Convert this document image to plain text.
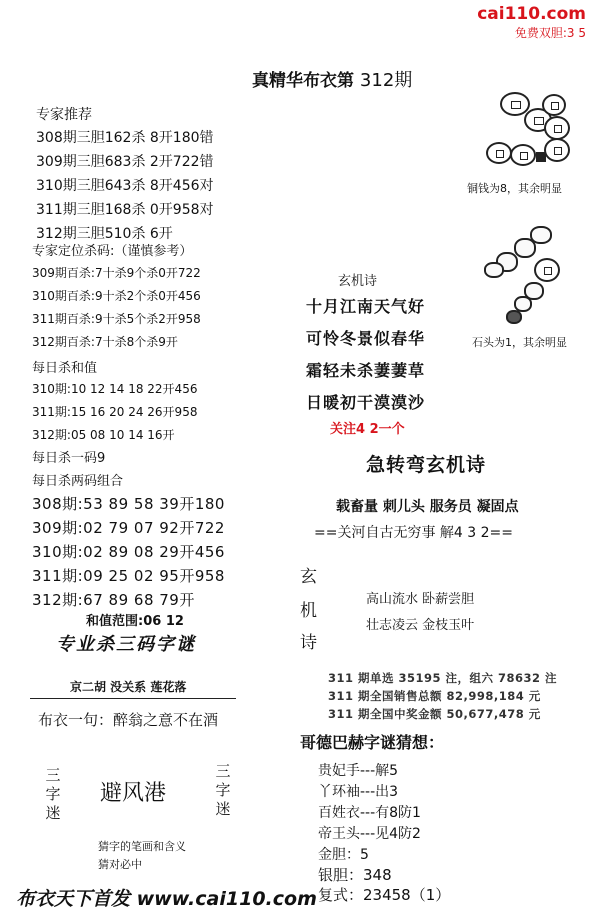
cai110.com
免费双胆:3 5
真精华布衣第 312期
专家推荐
308期三胆162杀 8开180错
309期三胆683杀 2开722错
310期三胆643杀 8开456对
311期三胆168杀 0开958对
312期三胆510杀 6开
专家定位杀码:（谨慎参考）
309期百杀:7十杀9个杀0开722
310期百杀:9十杀2个杀0开456
311期百杀:9十杀5个杀2开958
312期百杀:7十杀8个杀9开
每日杀和值
310期:10 12 14 18 22开456
311期:15 16 20 24 26开958
312期:05 08 10 14 16开
每日杀一码9
每日杀两码组合
308期:53 89 58 39开180
309期:02 79 07 92开722
310期:02 89 08 29开456
311期:09 25 02 95开958
312期:67 89 68 79开
和值范围:06 12
专业杀三码字谜
京二胡 没关系 莲花落
布衣一句：醉翁之意不在酒
三字迷
避风港
三字迷
猜字的笔画和含义
猜对必中
铜钱为8，其余明显
石头为1，其余明显
玄机诗
十月江南天气好
可怜冬景似春华
霜轻未杀萋萋草
日暖初干漠漠沙
关注4 2一个
急转弯玄机诗
载畜量 刺儿头 服务员 凝固点
==关河自古无穷事 解4 3 2==
玄
机
诗
高山流水 卧薪尝胆
壮志凌云 金枝玉叶
311 期单选 35195 注，组六 78632 注
311 期全国销售总额 82,998,184 元
311 期全国中奖金额 50,677,478 元
哥德巴赫字谜猜想：
贵妃手---解5
丫环袖---出3
百姓衣---有8防1
帝王头---见4防2
金胆：5
银胆：348
复式：23458（1）
布衣天下首发 www.cai110.com
